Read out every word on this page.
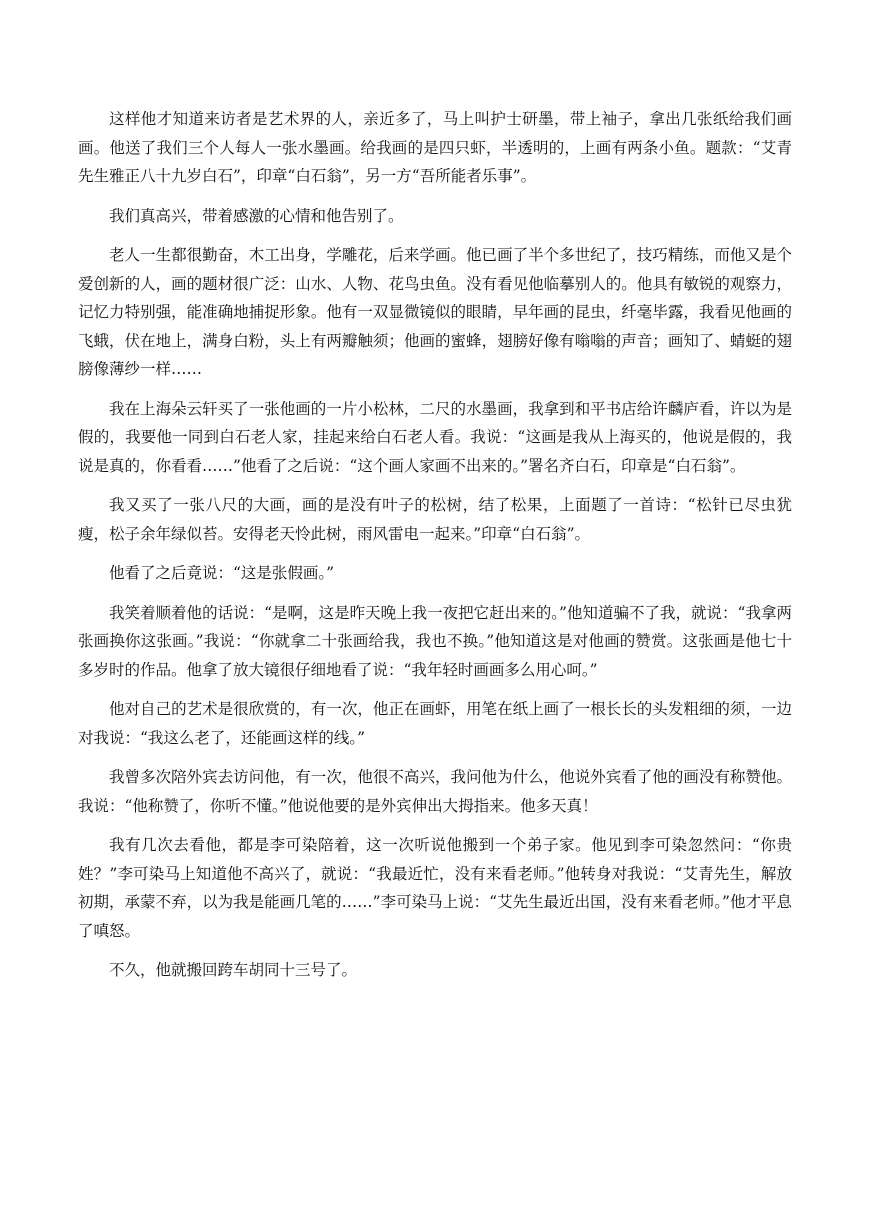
这样他才知道来访者是艺术界的人，亲近多了，马上叫护士研墨，带上袖子，拿出几张纸给我们画画。他送了我们三个人每人一张水墨画。给我画的是四只虾，半透明的，上画有两条小鱼。题款：“艾青先生雅正八十九岁白石”，印章“白石翁”，另一方“吾所能者乐事”。

我们真高兴，带着感激的心情和他告别了。

老人一生都很勤奋，木工出身，学雕花，后来学画。他已画了半个多世纪了，技巧精练，而他又是个爱创新的人，画的题材很广泛：山水、人物、花鸟虫鱼。没有看见他临摹别人的。他具有敏锐的观察力，记忆力特别强，能准确地捕捉形象。他有一双显微镜似的眼睛，早年画的昆虫，纤毫毕露，我看见他画的飞蛾，伏在地上，满身白粉，头上有两瓣触须；他画的蜜蜂，翅膀好像有嗡嗡的声音；画知了、蜻蜓的翅膀像薄纱一样……

我在上海朵云轩买了一张他画的一片小松林，二尺的水墨画，我拿到和平书店给许麟庐看，许以为是假的，我要他一同到白石老人家，挂起来给白石老人看。我说：“这画是我从上海买的，他说是假的，我说是真的，你看看……”他看了之后说：“这个画人家画不出来的。”署名齐白石，印章是“白石翁”。

我又买了一张八尺的大画，画的是没有叶子的松树，结了松果，上面题了一首诗：“松针已尽虫犹瘦，松子余年绿似苔。安得老天怜此树，雨风雷电一起来。”印章“白石翁”。

他看了之后竟说：“这是张假画。”

我笑着顺着他的话说：“是啊，这是昨天晚上我一夜把它赶出来的。”他知道骗不了我，就说：“我拿两张画换你这张画。”我说：“你就拿二十张画给我，我也不换。”他知道这是对他画的赞赏。这张画是他七十多岁时的作品。他拿了放大镜很仔细地看了说：“我年轻时画画多么用心呵。”

他对自己的艺术是很欣赏的，有一次，他正在画虾，用笔在纸上画了一根长长的头发粗细的须，一边对我说：“我这么老了，还能画这样的线。”

我曾多次陪外宾去访问他，有一次，他很不高兴，我问他为什么，他说外宾看了他的画没有称赞他。我说：“他称赞了，你听不懂。”他说他要的是外宾伸出大拇指来。他多天真！

我有几次去看他，都是李可染陪着，这一次听说他搬到一个弟子家。他见到李可染忽然问：“你贵姓？”李可染马上知道他不高兴了，就说：“我最近忙，没有来看老师。”他转身对我说：“艾青先生，解放初期，承蒙不弃，以为我是能画几笔的……”李可染马上说：“艾先生最近出国，没有来看老师。”他才平息了嗔怒。

不久，他就搬回跨车胡同十三号了。
